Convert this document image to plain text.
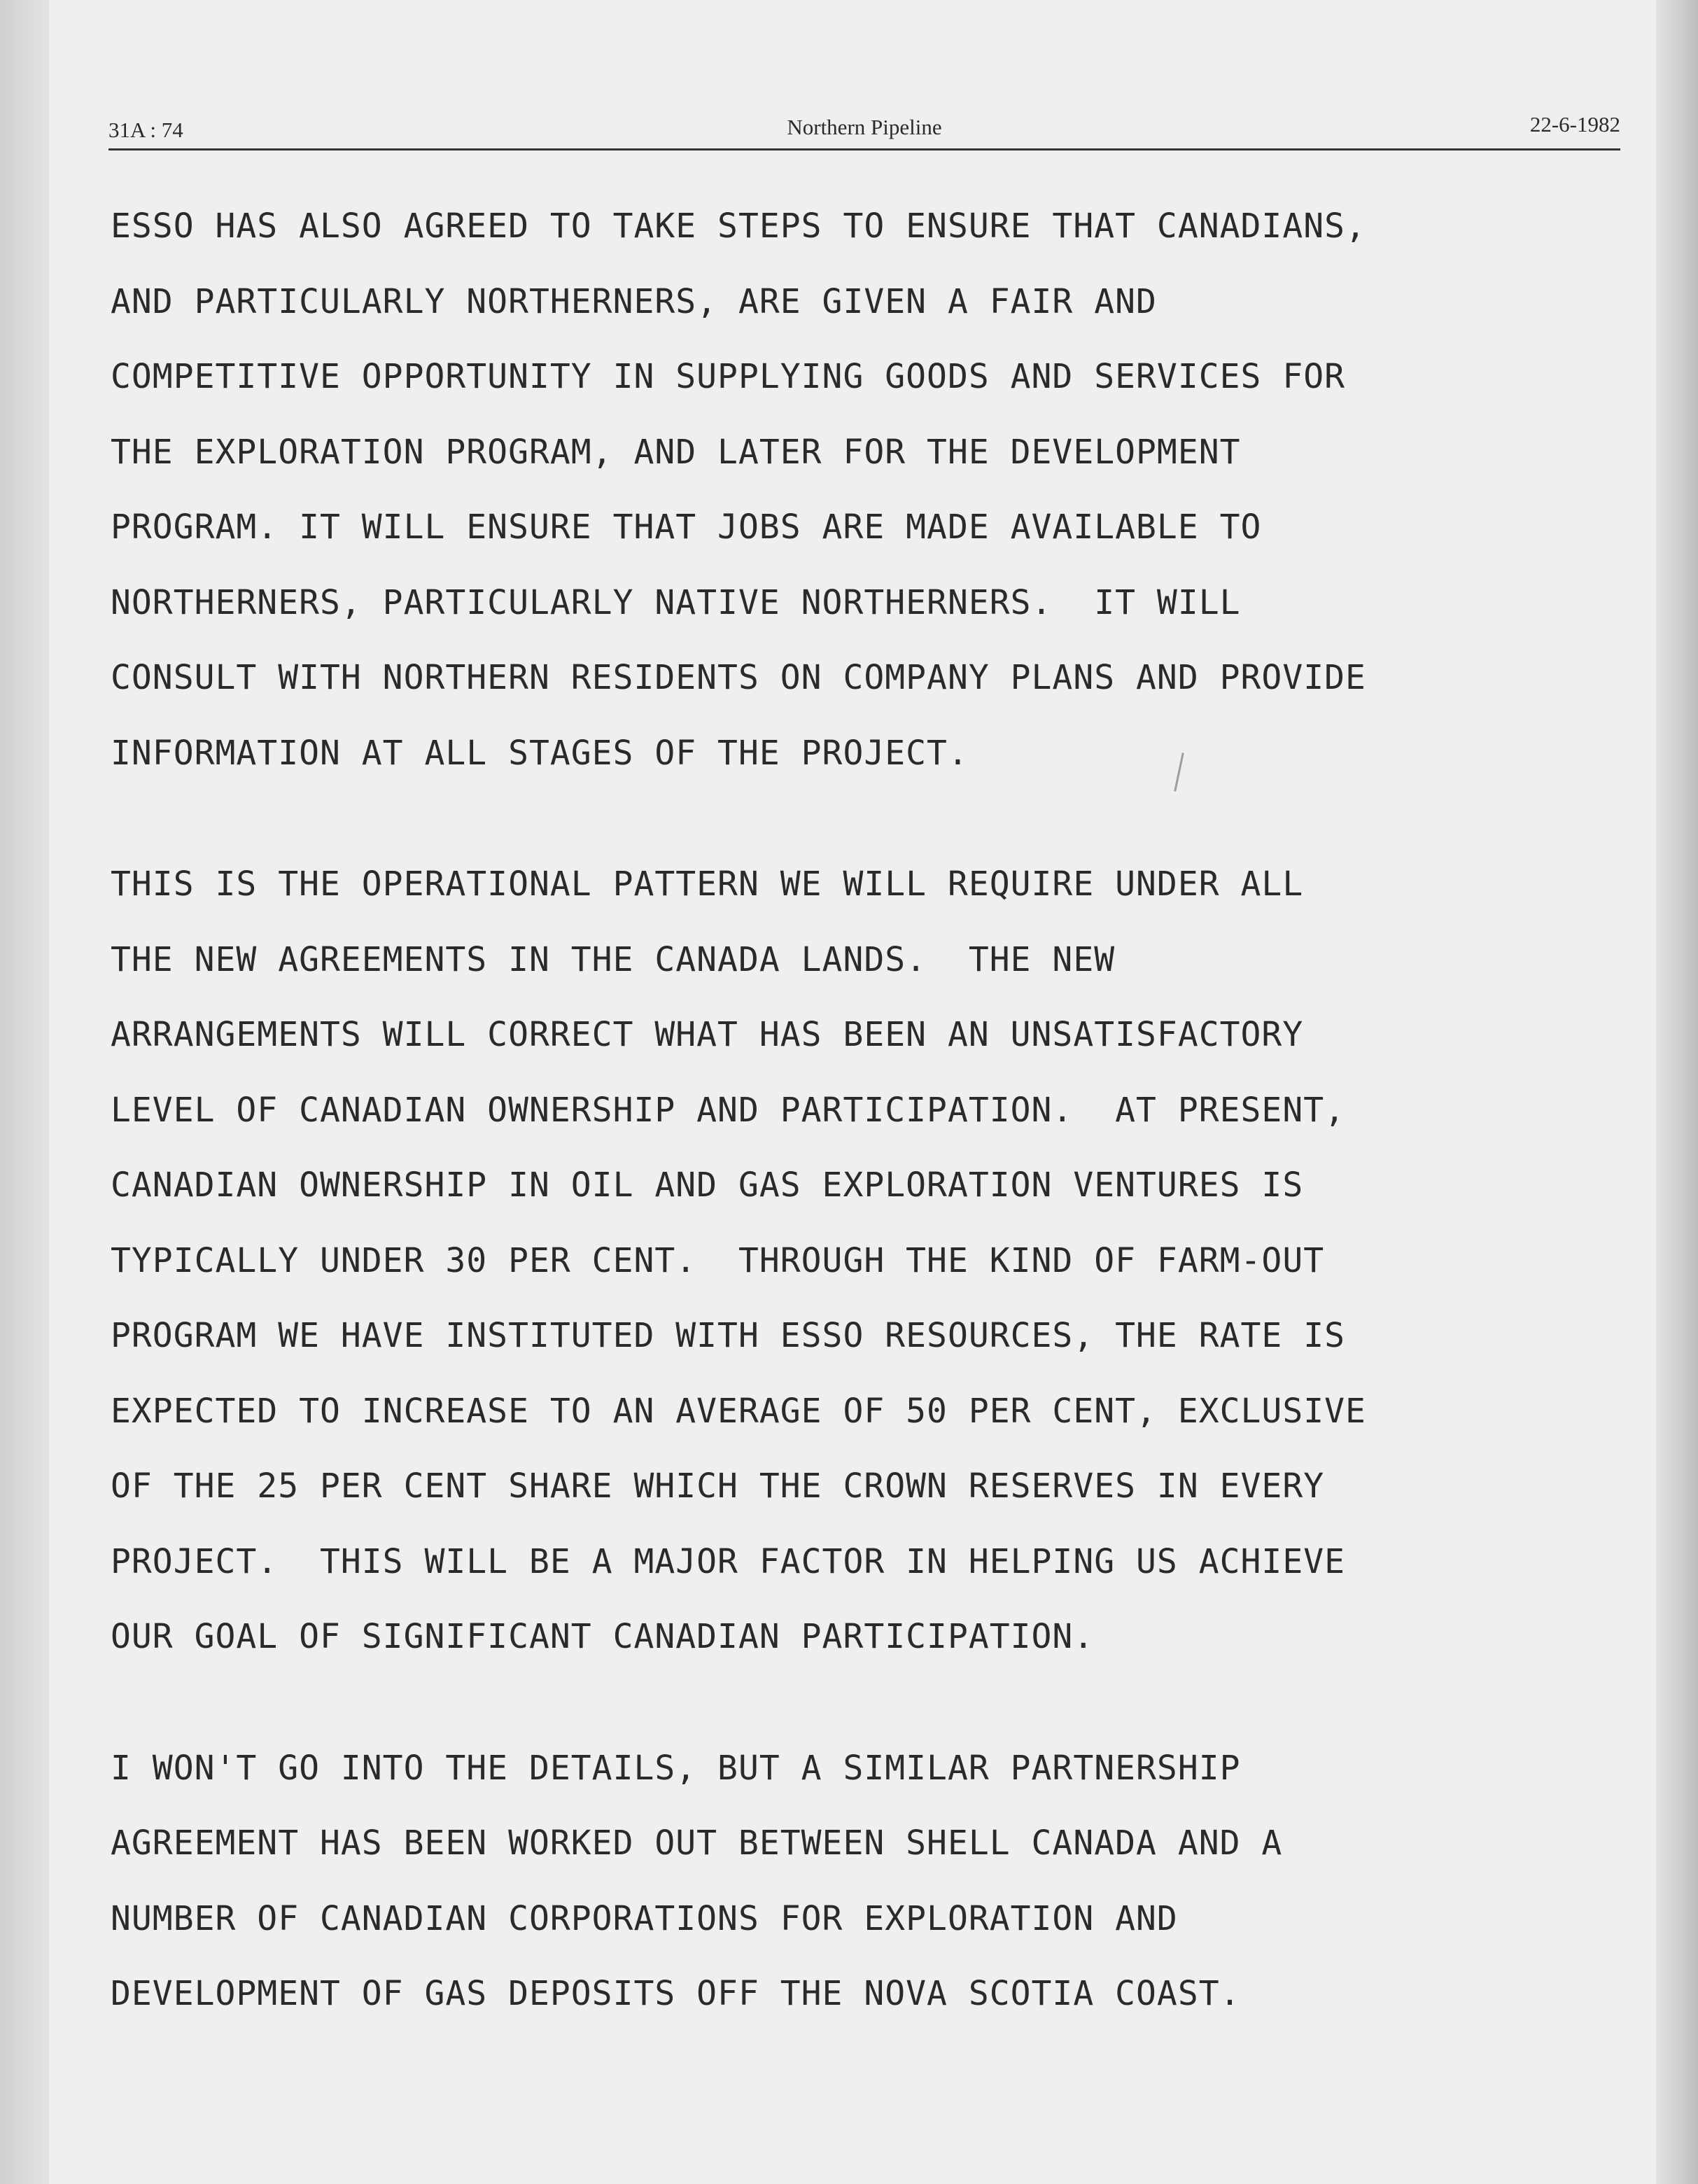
31A : 74	Northern Pipeline	22-6-1982
ESSO HAS ALSO AGREED TO TAKE STEPS TO ENSURE THAT CANADIANS,
AND PARTICULARLY NORTHERNERS, ARE GIVEN A FAIR AND
COMPETITIVE OPPORTUNITY IN SUPPLYING GOODS AND SERVICES FOR
THE EXPLORATION PROGRAM, AND LATER FOR THE DEVELOPMENT
PROGRAM. IT WILL ENSURE THAT JOBS ARE MADE AVAILABLE TO
NORTHERNERS, PARTICULARLY NATIVE NORTHERNERS.  IT WILL
CONSULT WITH NORTHERN RESIDENTS ON COMPANY PLANS AND PROVIDE
INFORMATION AT ALL STAGES OF THE PROJECT.
THIS IS THE OPERATIONAL PATTERN WE WILL REQUIRE UNDER ALL
THE NEW AGREEMENTS IN THE CANADA LANDS.  THE NEW
ARRANGEMENTS WILL CORRECT WHAT HAS BEEN AN UNSATISFACTORY
LEVEL OF CANADIAN OWNERSHIP AND PARTICIPATION.  AT PRESENT,
CANADIAN OWNERSHIP IN OIL AND GAS EXPLORATION VENTURES IS
TYPICALLY UNDER 30 PER CENT.  THROUGH THE KIND OF FARM-OUT
PROGRAM WE HAVE INSTITUTED WITH ESSO RESOURCES, THE RATE IS
EXPECTED TO INCREASE TO AN AVERAGE OF 50 PER CENT, EXCLUSIVE
OF THE 25 PER CENT SHARE WHICH THE CROWN RESERVES IN EVERY
PROJECT.  THIS WILL BE A MAJOR FACTOR IN HELPING US ACHIEVE
OUR GOAL OF SIGNIFICANT CANADIAN PARTICIPATION.
I WON'T GO INTO THE DETAILS, BUT A SIMILAR PARTNERSHIP
AGREEMENT HAS BEEN WORKED OUT BETWEEN SHELL CANADA AND A
NUMBER OF CANADIAN CORPORATIONS FOR EXPLORATION AND
DEVELOPMENT OF GAS DEPOSITS OFF THE NOVA SCOTIA COAST.
